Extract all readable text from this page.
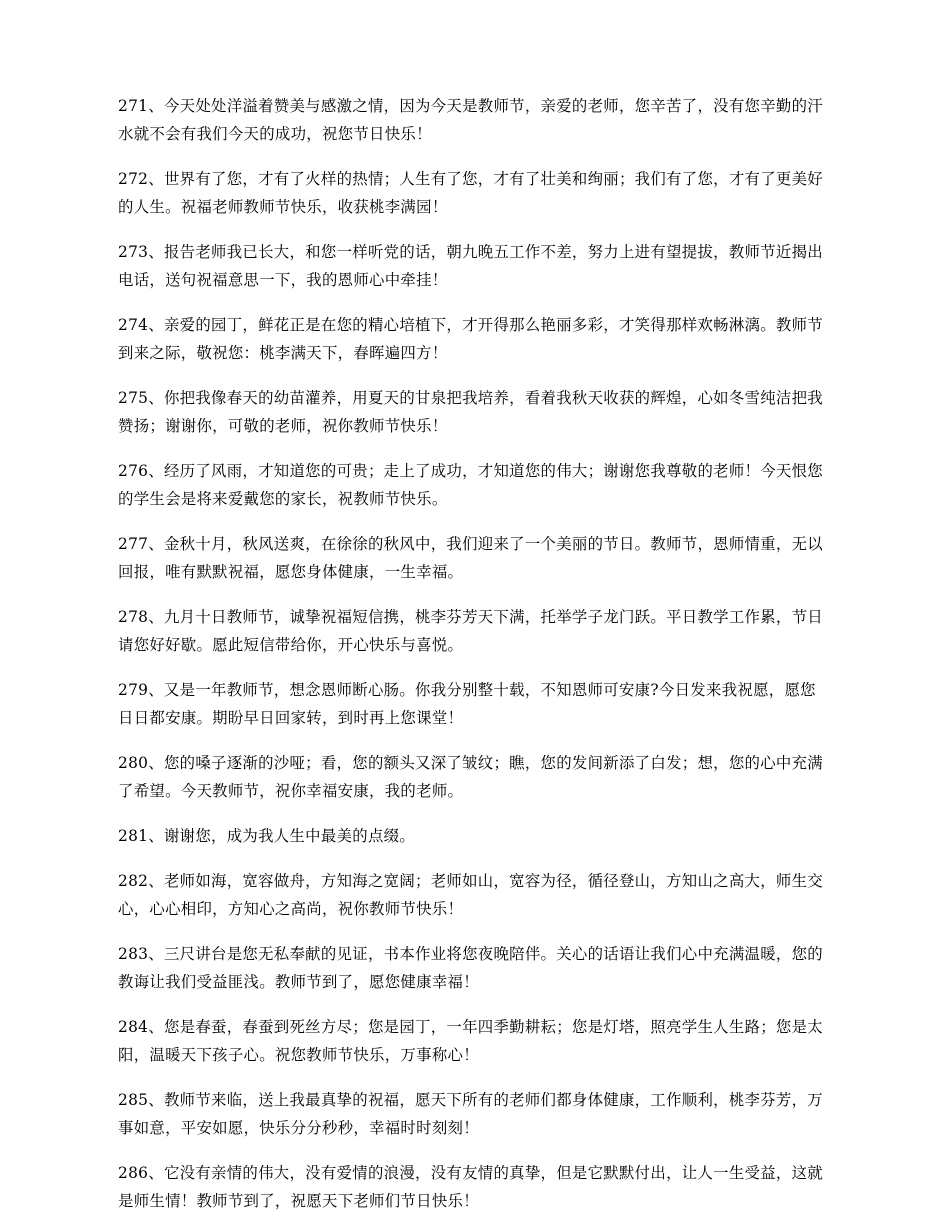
271、今天处处洋溢着赞美与感激之情，因为今天是教师节，亲爱的老师，您辛苦了，没有您辛勤的汗水就不会有我们今天的成功，祝您节日快乐！

272、世界有了您，才有了火样的热情；人生有了您，才有了壮美和绚丽；我们有了您，才有了更美好的人生。祝福老师教师节快乐，收获桃李满园！

273、报告老师我已长大，和您一样听党的话，朝九晚五工作不差，努力上进有望提拔，教师节近揭出电话，送句祝福意思一下，我的恩师心中牵挂！

274、亲爱的园丁，鲜花正是在您的精心培植下，才开得那么艳丽多彩，才笑得那样欢畅淋漓。教师节到来之际，敬祝您：桃李满天下，春晖遍四方！

275、你把我像春天的幼苗灌养，用夏天的甘泉把我培养，看着我秋天收获的辉煌，心如冬雪纯洁把我赞扬；谢谢你，可敬的老师，祝你教师节快乐！

276、经历了风雨，才知道您的可贵；走上了成功，才知道您的伟大；谢谢您我尊敬的老师！今天恨您的学生会是将来爱戴您的家长，祝教师节快乐。

277、金秋十月，秋风送爽，在徐徐的秋风中，我们迎来了一个美丽的节日。教师节，恩师情重，无以回报，唯有默默祝福，愿您身体健康，一生幸福。

278、九月十日教师节，诚挚祝福短信携，桃李芬芳天下满，托举学子龙门跃。平日教学工作累，节日请您好好歇。愿此短信带给你，开心快乐与喜悦。

279、又是一年教师节，想念恩师断心肠。你我分别整十载，不知恩师可安康?今日发来我祝愿，愿您日日都安康。期盼早日回家转，到时再上您课堂！

280、您的嗓子逐渐的沙哑；看，您的额头又深了皱纹；瞧，您的发间新添了白发；想，您的心中充满了希望。今天教师节，祝你幸福安康，我的老师。

281、谢谢您，成为我人生中最美的点缀。

282、老师如海，宽容做舟，方知海之宽阔；老师如山，宽容为径，循径登山，方知山之高大，师生交心，心心相印，方知心之高尚，祝你教师节快乐！

283、三尺讲台是您无私奉献的见证，书本作业将您夜晚陪伴。关心的话语让我们心中充满温暖，您的教诲让我们受益匪浅。教师节到了，愿您健康幸福！

284、您是春蚕，春蚕到死丝方尽；您是园丁，一年四季勤耕耘；您是灯塔，照亮学生人生路；您是太阳，温暖天下孩子心。祝您教师节快乐，万事称心！

285、教师节来临，送上我最真挚的祝福，愿天下所有的老师们都身体健康，工作顺利，桃李芬芳，万事如意，平安如愿，快乐分分秒秒，幸福时时刻刻！

286、它没有亲情的伟大，没有爱情的浪漫，没有友情的真挚，但是它默默付出，让人一生受益，这就是师生情！教师节到了，祝愿天下老师们节日快乐！
